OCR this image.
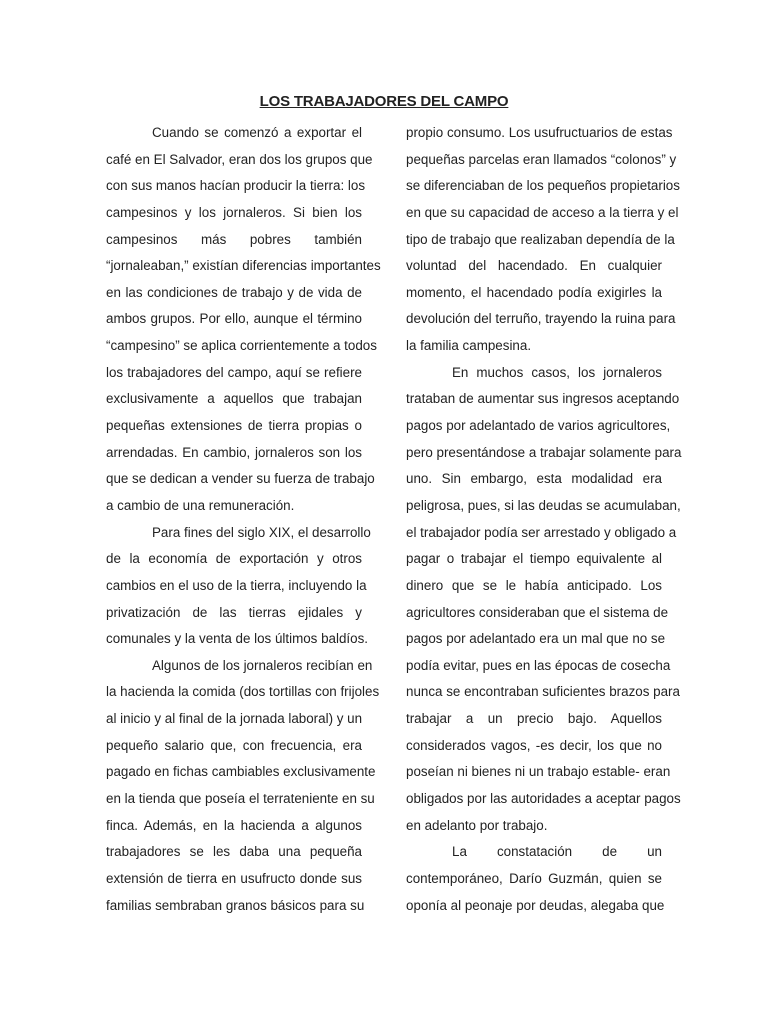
LOS TRABAJADORES DEL CAMPO
Cuando se comenzó a exportar el
café en El Salvador, eran dos los grupos que
con sus manos hacían producir la tierra: los
campesinos y los jornaleros. Si bien los
campesinos más pobres también
“jornaleaban,” existían diferencias importantes
en las condiciones de trabajo y de vida de
ambos grupos. Por ello, aunque el término
“campesino” se aplica corrientemente a todos
los trabajadores del campo, aquí se refiere
exclusivamente a aquellos que trabajan
pequeñas extensiones de tierra propias o
arrendadas. En cambio, jornaleros son los
que se dedican a vender su fuerza de trabajo
a cambio de una remuneración.
Para fines del siglo XIX, el desarrollo
de la economía de exportación y otros
cambios en el uso de la tierra, incluyendo la
privatización de las tierras ejidales y
comunales y la venta de los últimos baldíos.
Algunos de los jornaleros recibían en
la hacienda la comida (dos tortillas con frijoles
al inicio y al final de la jornada laboral) y un
pequeño salario que, con frecuencia, era
pagado en fichas cambiables exclusivamente
en la tienda que poseía el terrateniente en su
finca. Además, en la hacienda a algunos
trabajadores se les daba una pequeña
extensión de tierra en usufructo donde sus
familias sembraban granos básicos para su
propio consumo. Los usufructuarios de estas
pequeñas parcelas eran llamados “colonos” y
se diferenciaban de los pequeños propietarios
en que su capacidad de acceso a la tierra y el
tipo de trabajo que realizaban dependía de la
voluntad del hacendado. En cualquier
momento, el hacendado podía exigirles la
devolución del terruño, trayendo la ruina para
la familia campesina.
En muchos casos, los jornaleros
trataban de aumentar sus ingresos aceptando
pagos por adelantado de varios agricultores,
pero presentándose a trabajar solamente para
uno. Sin embargo, esta modalidad era
peligrosa, pues, si las deudas se acumulaban,
el trabajador podía ser arrestado y obligado a
pagar o trabajar el tiempo equivalente al
dinero que se le había anticipado. Los
agricultores consideraban que el sistema de
pagos por adelantado era un mal que no se
podía evitar, pues en las épocas de cosecha
nunca se encontraban suficientes brazos para
trabajar a un precio bajo. Aquellos
considerados vagos, -es decir, los que no
poseían ni bienes ni un trabajo estable- eran
obligados por las autoridades a aceptar pagos
en adelanto por trabajo.
La constatación de un
contemporáneo, Darío Guzmán, quien se
oponía al peonaje por deudas, alegaba que
